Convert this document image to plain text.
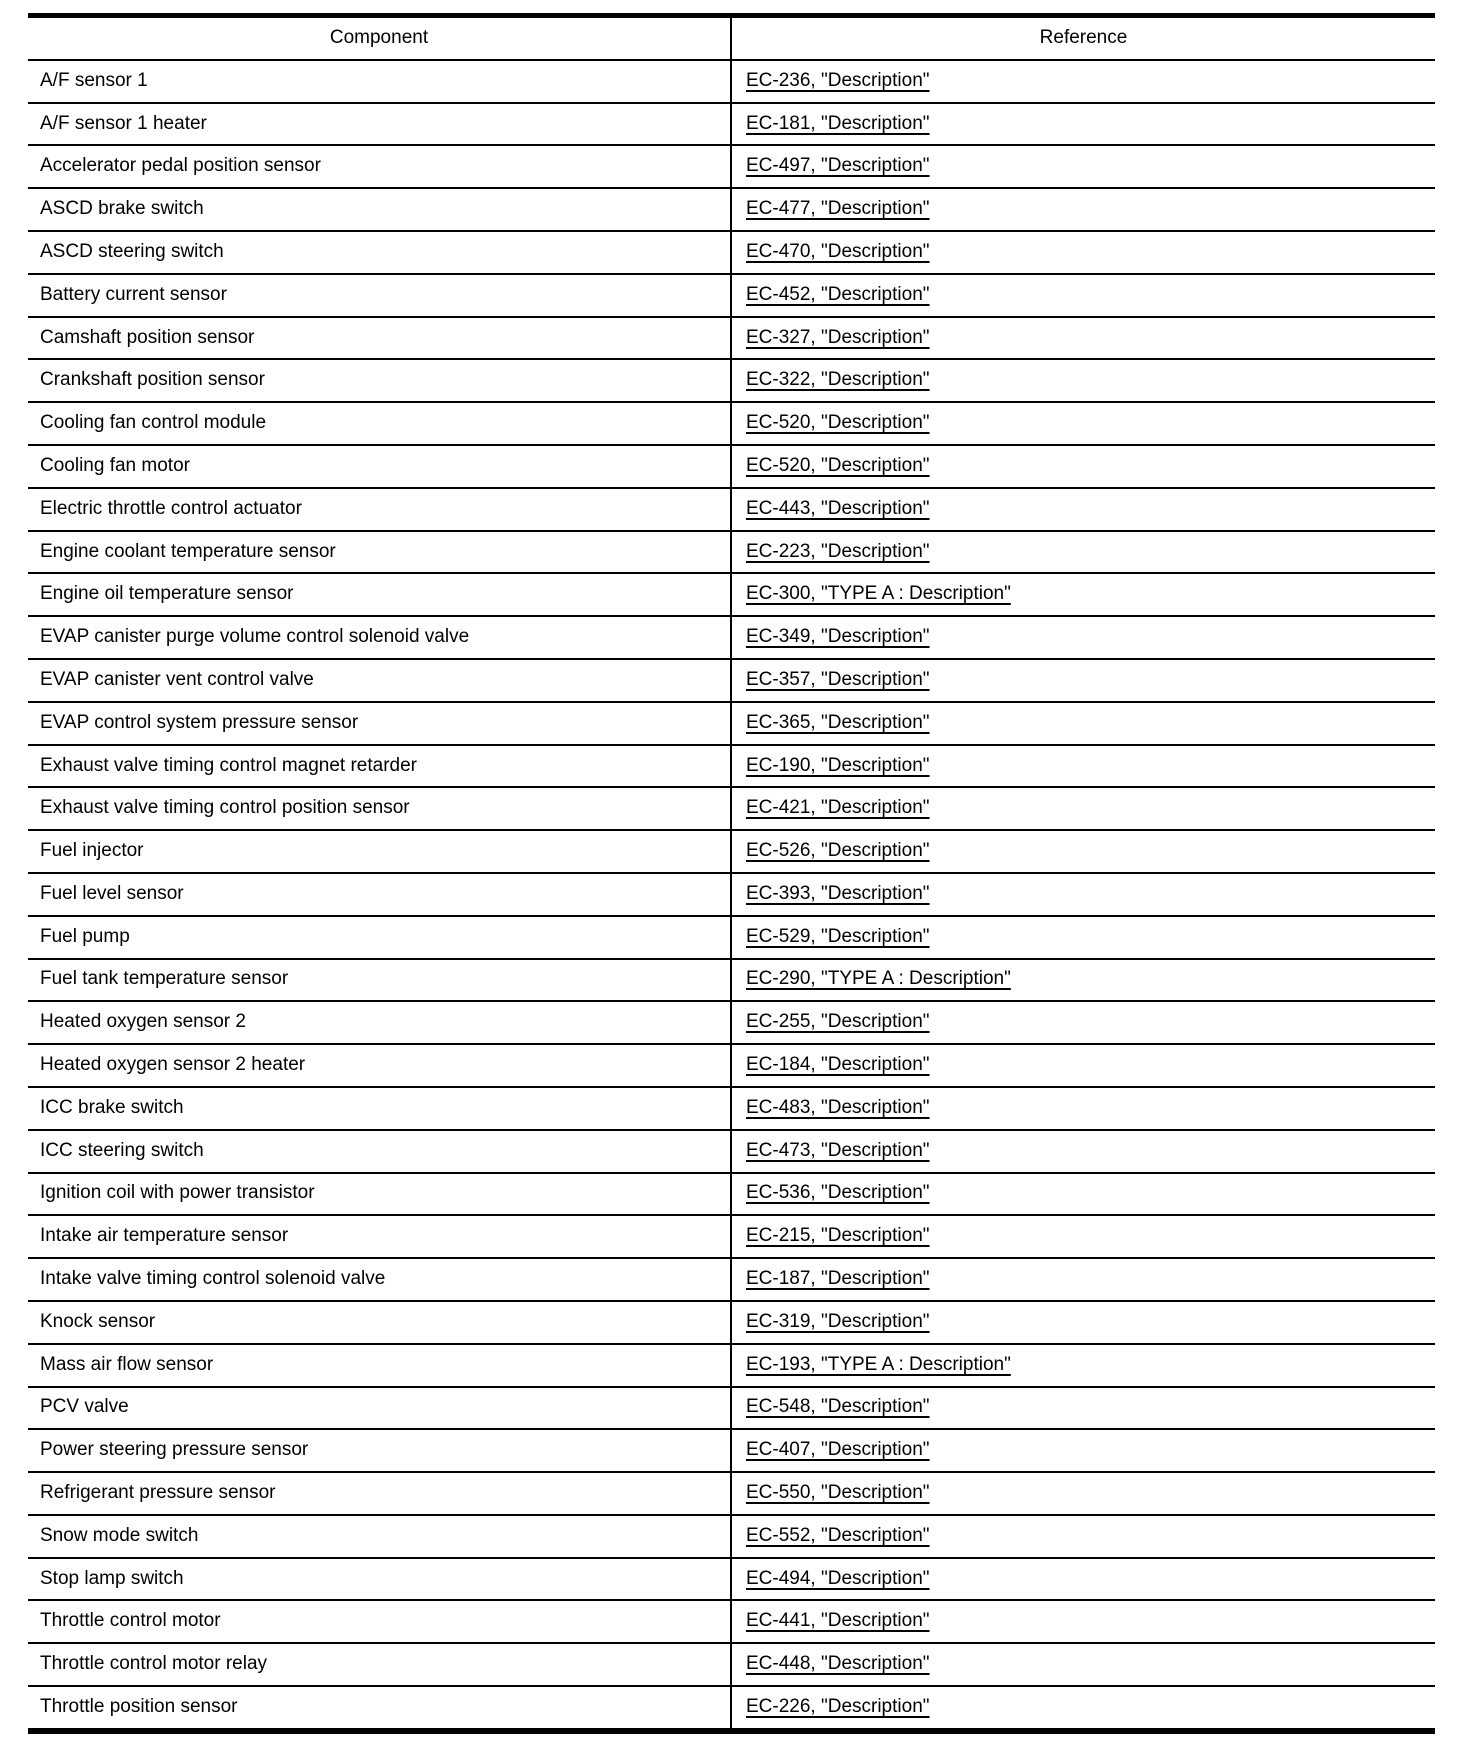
Component	Reference
A/F sensor 1	EC-236, "Description"
A/F sensor 1 heater	EC-181, "Description"
Accelerator pedal position sensor	EC-497, "Description"
ASCD brake switch	EC-477, "Description"
ASCD steering switch	EC-470, "Description"
Battery current sensor	EC-452, "Description"
Camshaft position sensor	EC-327, "Description"
Crankshaft position sensor	EC-322, "Description"
Cooling fan control module	EC-520, "Description"
Cooling fan motor	EC-520, "Description"
Electric throttle control actuator	EC-443, "Description"
Engine coolant temperature sensor	EC-223, "Description"
Engine oil temperature sensor	EC-300, "TYPE A : Description"
EVAP canister purge volume control solenoid valve	EC-349, "Description"
EVAP canister vent control valve	EC-357, "Description"
EVAP control system pressure sensor	EC-365, "Description"
Exhaust valve timing control magnet retarder	EC-190, "Description"
Exhaust valve timing control position sensor	EC-421, "Description"
Fuel injector	EC-526, "Description"
Fuel level sensor	EC-393, "Description"
Fuel pump	EC-529, "Description"
Fuel tank temperature sensor	EC-290, "TYPE A : Description"
Heated oxygen sensor 2	EC-255, "Description"
Heated oxygen sensor 2 heater	EC-184, "Description"
ICC brake switch	EC-483, "Description"
ICC steering switch	EC-473, "Description"
Ignition coil with power transistor	EC-536, "Description"
Intake air temperature sensor	EC-215, "Description"
Intake valve timing control solenoid valve	EC-187, "Description"
Knock sensor	EC-319, "Description"
Mass air flow sensor	EC-193, "TYPE A : Description"
PCV valve	EC-548, "Description"
Power steering pressure sensor	EC-407, "Description"
Refrigerant pressure sensor	EC-550, "Description"
Snow mode switch	EC-552, "Description"
Stop lamp switch	EC-494, "Description"
Throttle control motor	EC-441, "Description"
Throttle control motor relay	EC-448, "Description"
Throttle position sensor	EC-226, "Description"
